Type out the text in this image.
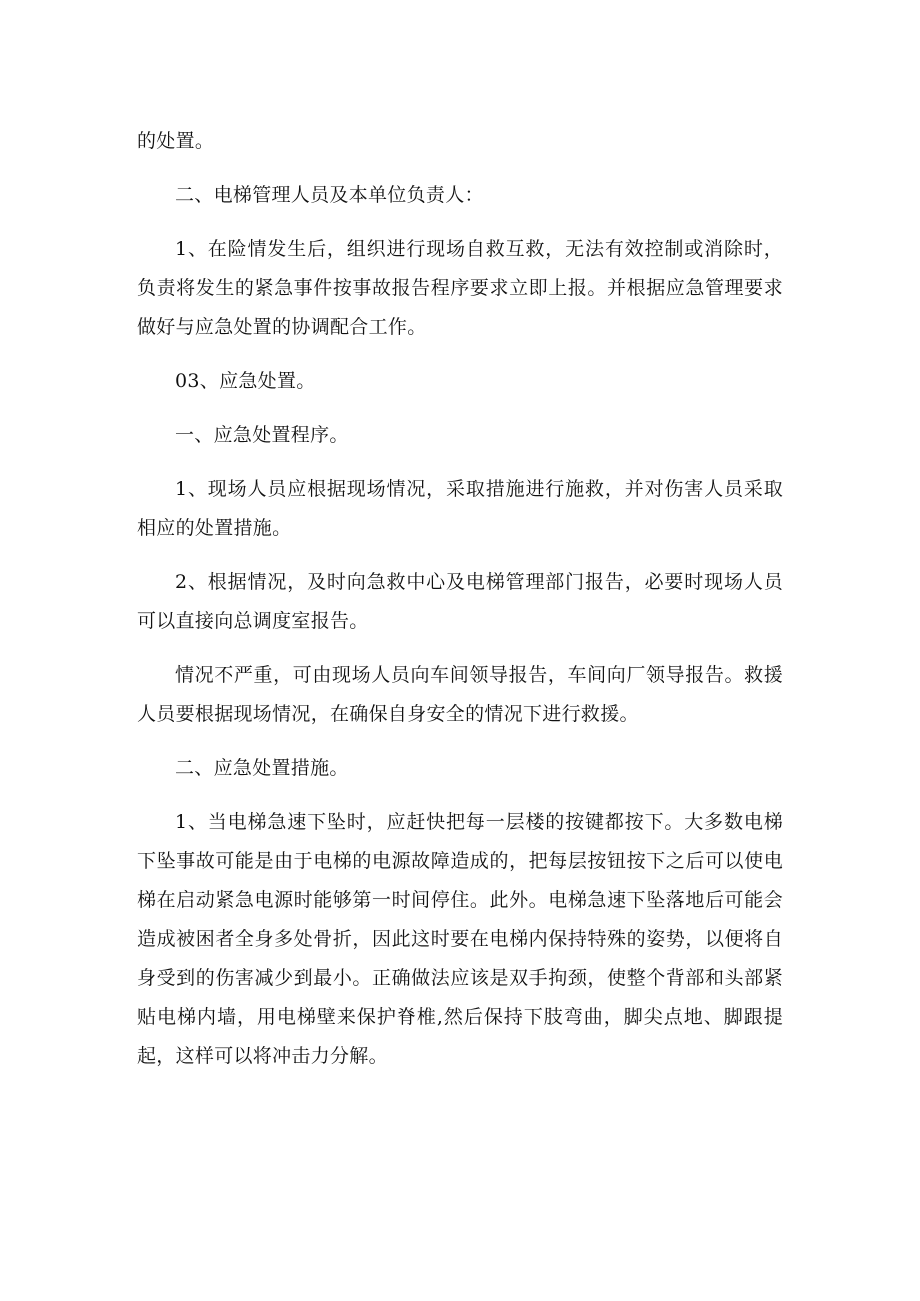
的处置。

二、电梯管理人员及本单位负责人：

1、在险情发生后，组织进行现场自救互救，无法有效控制或消除时，负责将发生的紧急事件按事故报告程序要求立即上报。并根据应急管理要求做好与应急处置的协调配合工作。

03、应急处置。

一、应急处置程序。

1、现场人员应根据现场情况，采取措施进行施救，并对伤害人员采取相应的处置措施。

2、根据情况，及时向急救中心及电梯管理部门报告，必要时现场人员可以直接向总调度室报告。

情况不严重，可由现场人员向车间领导报告，车间向厂领导报告。救援人员要根据现场情况，在确保自身安全的情况下进行救援。

二、应急处置措施。

1、当电梯急速下坠时，应赶快把每一层楼的按键都按下。大多数电梯下坠事故可能是由于电梯的电源故障造成的，把每层按钮按下之后可以使电梯在启动紧急电源时能够第一时间停住。此外。电梯急速下坠落地后可能会造成被困者全身多处骨折，因此这时要在电梯内保持特殊的姿势，以便将自身受到的伤害减少到最小。正确做法应该是双手拘颈，使整个背部和头部紧贴电梯内墙，用电梯壁来保护脊椎,然后保持下肢弯曲，脚尖点地、脚跟提起，这样可以将冲击力分解。
